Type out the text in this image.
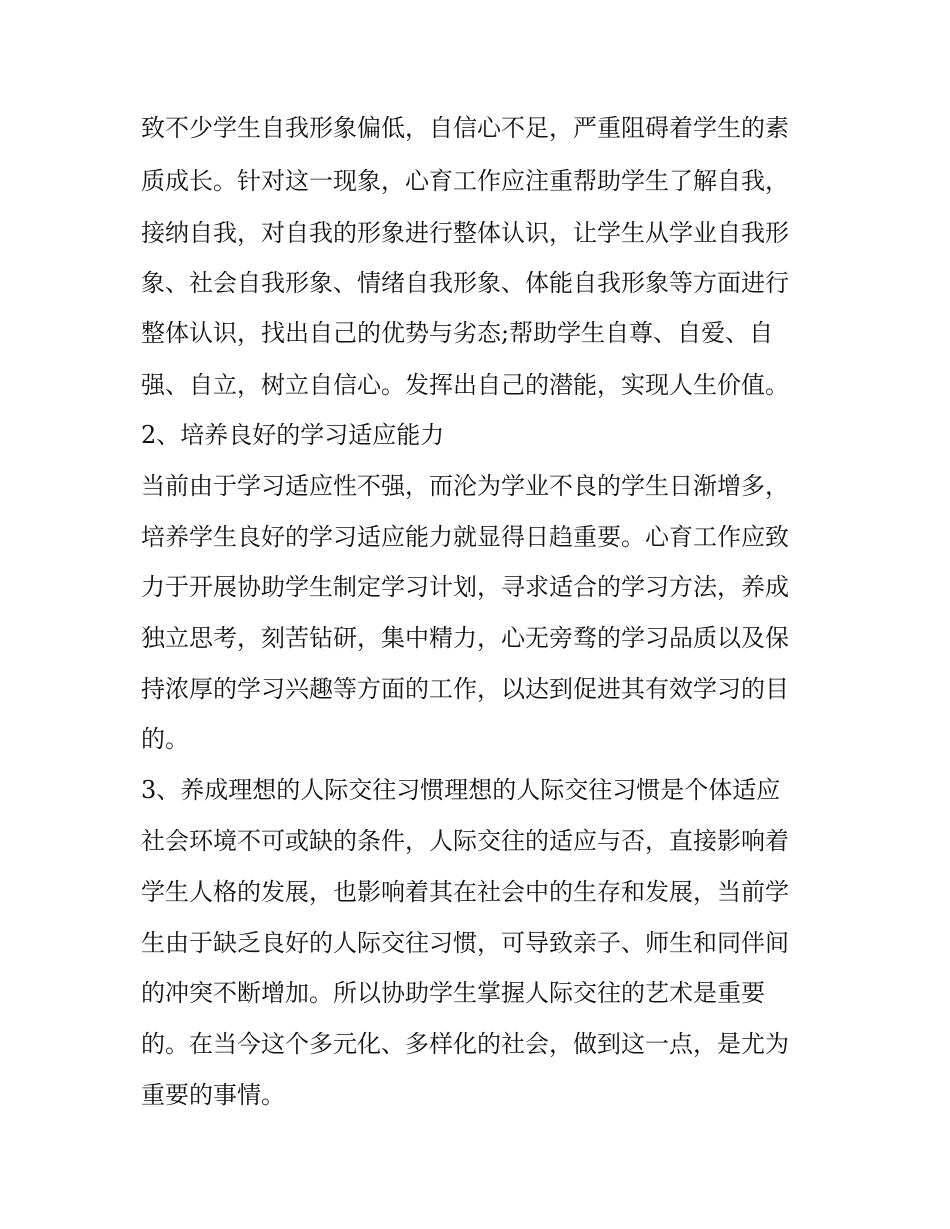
致不少学生自我形象偏低，自信心不足，严重阻碍着学生的素
质成长。针对这一现象，心育工作应注重帮助学生了解自我，
接纳自我，对自我的形象进行整体认识，让学生从学业自我形
象、社会自我形象、情绪自我形象、体能自我形象等方面进行
整体认识，找出自己的优势与劣态;帮助学生自尊、自爱、自
强、自立，树立自信心。发挥出自己的潜能，实现人生价值。
2、培养良好的学习适应能力
当前由于学习适应性不强，而沦为学业不良的学生日渐增多，
培养学生良好的学习适应能力就显得日趋重要。心育工作应致
力于开展协助学生制定学习计划，寻求适合的学习方法，养成
独立思考，刻苦钻研，集中精力，心无旁骛的学习品质以及保
持浓厚的学习兴趣等方面的工作，以达到促进其有效学习的目
的。
3、养成理想的人际交往习惯理想的人际交往习惯是个体适应
社会环境不可或缺的条件，人际交往的适应与否，直接影响着
学生人格的发展，也影响着其在社会中的生存和发展，当前学
生由于缺乏良好的人际交往习惯，可导致亲子、师生和同伴间
的冲突不断增加。所以协助学生掌握人际交往的艺术是重要
的。在当今这个多元化、多样化的社会，做到这一点，是尤为
重要的事情。
